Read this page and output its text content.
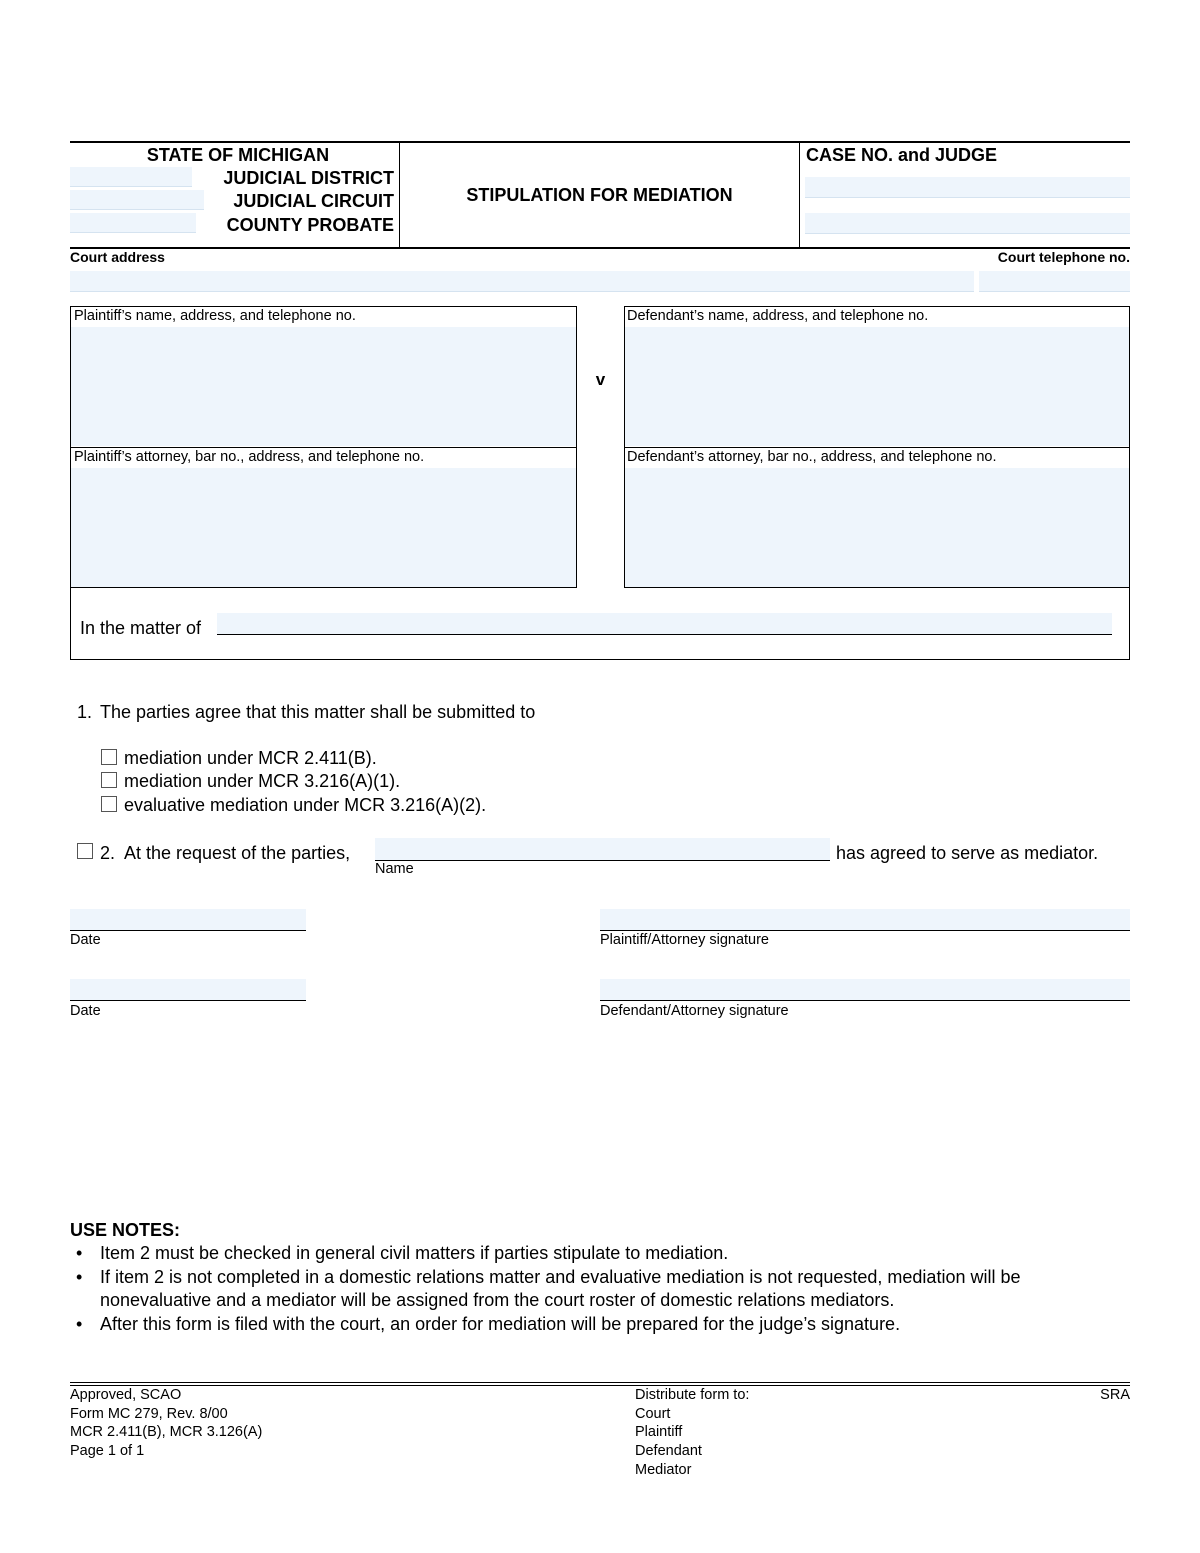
STATE OF MICHIGAN
JUDICIAL DISTRICT
JUDICIAL CIRCUIT
COUNTY PROBATE
STIPULATION FOR MEDIATION
CASE NO. and JUDGE
Court address	Court telephone no.
Plaintiff’s name, address, and telephone no.
Plaintiff’s attorney, bar no., address, and telephone no.
v
Defendant’s name, address, and telephone no.
Defendant’s attorney, bar no., address, and telephone no.
In the matter of
1. The parties agree that this matter shall be submitted to
mediation under MCR 2.411(B).
mediation under MCR 3.216(A)(1).
evaluative mediation under MCR 3.216(A)(2).
2. At the request of the parties,
Name
has agreed to serve as mediator.
Date	Plaintiff/Attorney signature
Date	Defendant/Attorney signature
USE NOTES:
• Item 2 must be checked in general civil matters if parties stipulate to mediation.
• If item 2 is not completed in a domestic relations matter and evaluative mediation is not requested, mediation will be
nonevaluative and a mediator will be assigned from the court roster of domestic relations mediators.
• After this form is filed with the court, an order for mediation will be prepared for the judge’s signature.
Approved, SCAO
Form MC 279, Rev. 8/00
MCR 2.411(B), MCR 3.126(A)
Page 1 of 1
Distribute form to:
Court
Plaintiff
Defendant
Mediator
SRA
